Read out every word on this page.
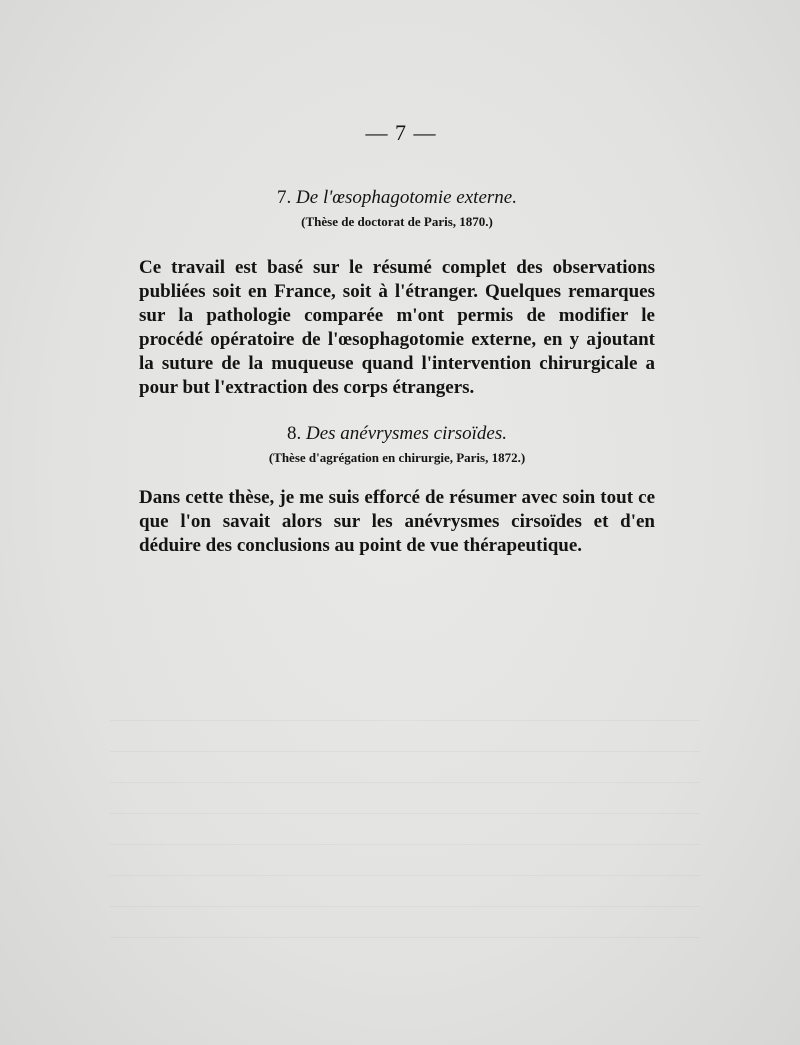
— 7 —

7. De l'œsophagotomie externe.

(Thèse de doctorat de Paris, 1870.)

Ce travail est basé sur le résumé complet des observations publiées soit en France, soit à l'étranger. Quelques remarques sur la pathologie comparée m'ont permis de modifier le procédé opératoire de l'œsophagotomie externe, en y ajoutant la suture de la muqueuse quand l'intervention chirurgicale a pour but l'extraction des corps étrangers.

8. Des anévrysmes cirsoïdes.

(Thèse d'agrégation en chirurgie, Paris, 1872.)

Dans cette thèse, je me suis efforcé de résumer avec soin tout ce que l'on savait alors sur les anévrysmes cirsoïdes et d'en déduire des conclusions au point de vue thérapeutique.
